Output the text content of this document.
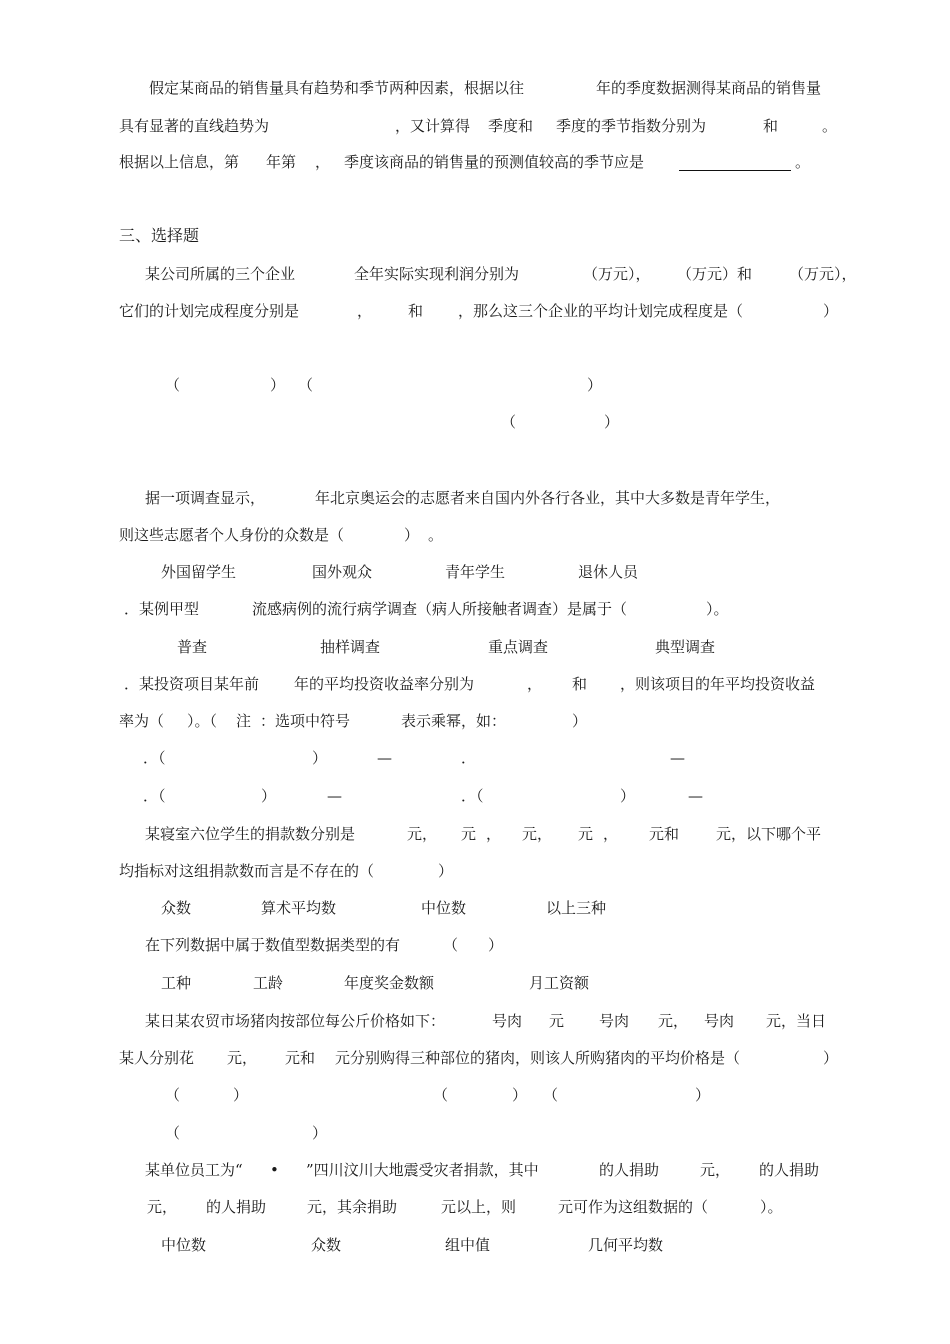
假定某商品的销售量具有趋势和季节两种因素，根据以往	年的季度数据测得某商品的销售量
具有显著的直线趋势为	，又计算得 季度和 季度的季节指数分别为	和	。
根据以上信息，第 年第 ， 季度该商品的销售量的预测值较高的季节应是	。
三、选择题
某公司所属的三个企业	全年实际实现利润分别为	（万元）， （万元）和 （万元），
它们的计划完成程度分别是	， 和 ，那么这三个企业的平均计划完成程度是（	）
（	） （	）
（	）
据一项调查显示，	年北京奥运会的志愿者来自国内外各行各业，其中大多数是青年学生，
则这些志愿者个人身份的众数是（	） 。
外国留学生	国外观众	青年学生	退休人员
．某例甲型	流感病例的流行病学调查（病人所接触者调查）是属于（	）。
普查	抽样调查	重点调查	典型调查
．某投资项目某年前 年的平均投资收益率分别为	， 和 ，则该项目的年平均投资收益
率为（ ）。（ 注 ：选项中符号	表示乘幂，如：	）
．（	）	—	．	—
．（	）	—	．（	）	—
某寝室六位学生的捐款数分别是	元， 元 ， 元， 元 ， 元和 元，以下哪个平
均指标对这组捐款数而言是不存在的（	）
众数	算术平均数	中位数	以上三种
在下列数据中属于数值型数据类型的有	（ ）
工种	工龄	年度奖金数额	月工资额
某日某农贸市场猪肉按部位每公斤价格如下：	号肉 元 号肉 元， 号肉 元，当日
某人分别花 元， 元和 元分别购得三种部位的猪肉，则该人所购猪肉的平均价格是（	）
（	）	（	） （	）
（	）
某单位员工为“ • ”四川汶川大地震受灾者捐款，其中	的人捐助	元， 的人捐助
元， 的人捐助	元，其余捐助	元以上，则	元可作为这组数据的（	）。
中位数	众数	组中值	几何平均数
